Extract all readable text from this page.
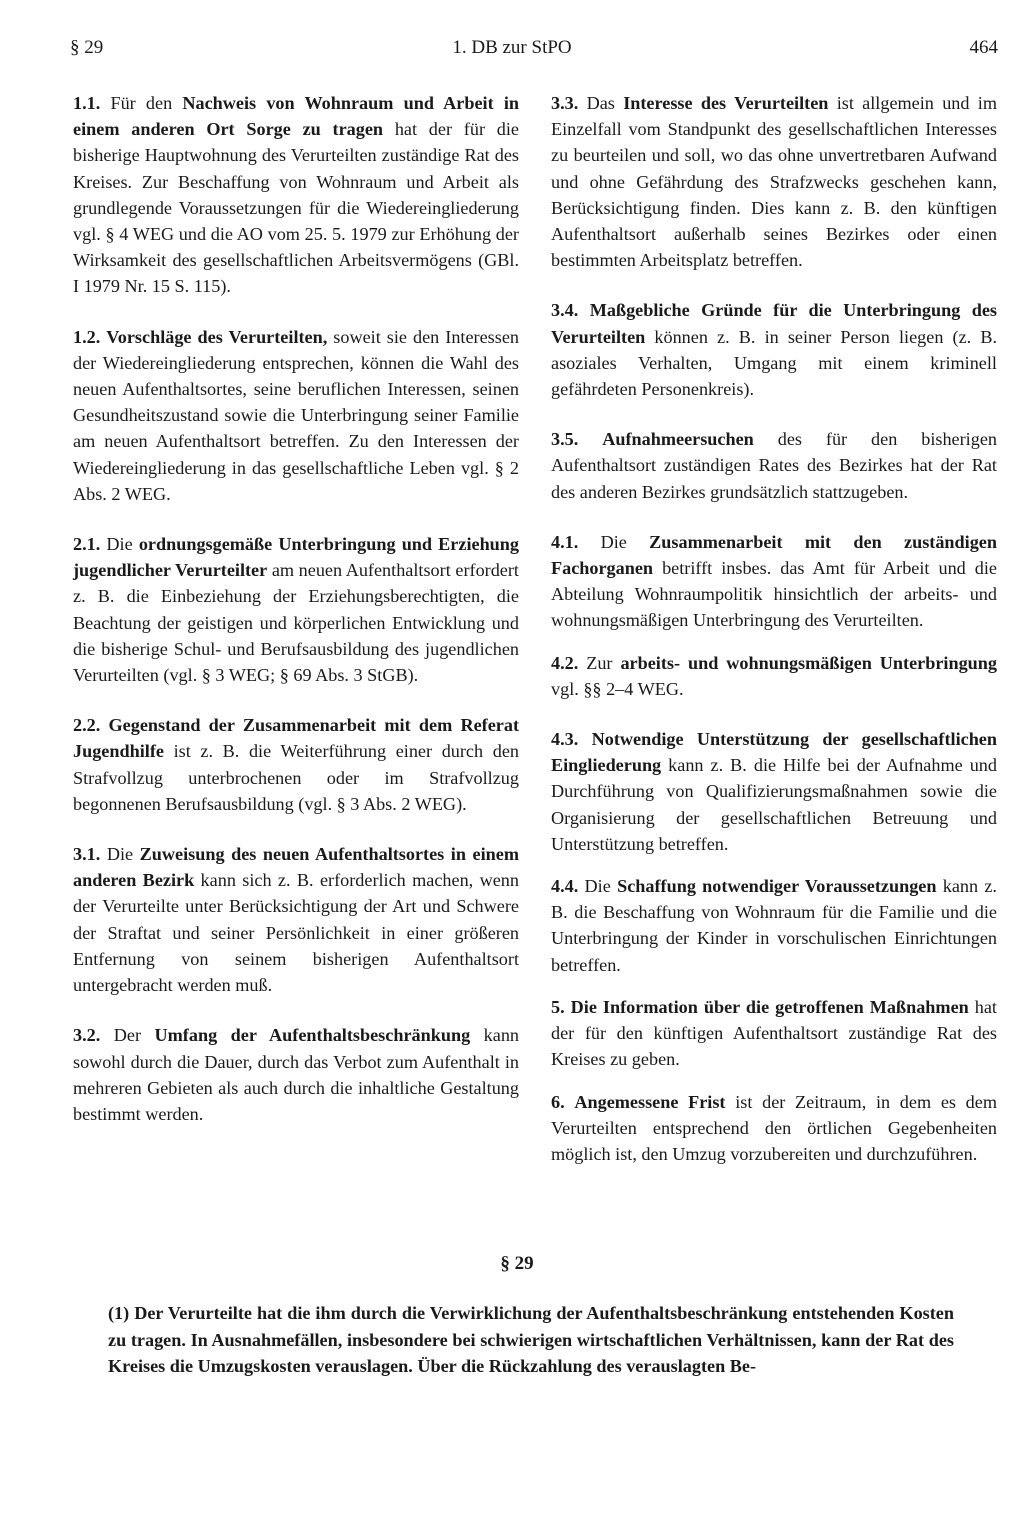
§ 29	1. DB zur StPO	464

1.1. Für den Nachweis von Wohnraum und Arbeit in einem anderen Ort Sorge zu tragen hat der für die bisherige Hauptwohnung des Verurteilten zuständige Rat des Kreises. Zur Beschaffung von Wohnraum und Arbeit als grundlegende Voraussetzungen für die Wiedereingliederung vgl. § 4 WEG und die AO vom 25. 5. 1979 zur Erhöhung der Wirksamkeit des gesellschaftlichen Arbeitsvermögens (GBl. I 1979 Nr. 15 S. 115).

1.2. Vorschläge des Verurteilten, soweit sie den Interessen der Wiedereingliederung entsprechen, können die Wahl des neuen Aufenthaltsortes, seine beruflichen Interessen, seinen Gesundheitszustand sowie die Unterbringung seiner Familie am neuen Aufenthaltsort betreffen. Zu den Interessen der Wiedereingliederung in das gesellschaftliche Leben vgl. § 2 Abs. 2 WEG.

2.1. Die ordnungsgemäße Unterbringung und Erziehung jugendlicher Verurteilter am neuen Aufenthaltsort erfordert z. B. die Einbeziehung der Erziehungsberechtigten, die Beachtung der geistigen und körperlichen Entwicklung und die bisherige Schul- und Berufsausbildung des jugendlichen Verurteilten (vgl. § 3 WEG; § 69 Abs. 3 StGB).

2.2. Gegenstand der Zusammenarbeit mit dem Referat Jugendhilfe ist z. B. die Weiterführung einer durch den Strafvollzug unterbrochenen oder im Strafvollzug begonnenen Berufsausbildung (vgl. § 3 Abs. 2 WEG).

3.1. Die Zuweisung des neuen Aufenthaltsortes in einem anderen Bezirk kann sich z. B. erforderlich machen, wenn der Verurteilte unter Berücksichtigung der Art und Schwere der Straftat und seiner Persönlichkeit in einer größeren Entfernung von seinem bisherigen Aufenthaltsort untergebracht werden muß.

3.2. Der Umfang der Aufenthaltsbeschränkung kann sowohl durch die Dauer, durch das Verbot zum Aufenthalt in mehreren Gebieten als auch durch die inhaltliche Gestaltung bestimmt werden.

3.3. Das Interesse des Verurteilten ist allgemein und im Einzelfall vom Standpunkt des gesellschaftlichen Interesses zu beurteilen und soll, wo das ohne unvertretbaren Aufwand und ohne Gefährdung des Strafzwecks geschehen kann, Berücksichtigung finden. Dies kann z. B. den künftigen Aufenthaltsort außerhalb seines Bezirkes oder einen bestimmten Arbeitsplatz betreffen.

3.4. Maßgebliche Gründe für die Unterbringung des Verurteilten können z. B. in seiner Person liegen (z. B. asoziales Verhalten, Umgang mit einem kriminell gefährdeten Personenkreis).

3.5. Aufnahmeersuchen des für den bisherigen Aufenthaltsort zuständigen Rates des Bezirkes hat der Rat des anderen Bezirkes grundsätzlich stattzugeben.

4.1. Die Zusammenarbeit mit den zuständigen Fachorganen betrifft insbes. das Amt für Arbeit und die Abteilung Wohnraumpolitik hinsichtlich der arbeits- und wohnungsmäßigen Unterbringung des Verurteilten.

4.2. Zur arbeits- und wohnungsmäßigen Unterbringung vgl. §§ 2–4 WEG.

4.3. Notwendige Unterstützung der gesellschaftlichen Eingliederung kann z. B. die Hilfe bei der Aufnahme und Durchführung von Qualifizierungsmaßnahmen sowie die Organisierung der gesellschaftlichen Betreuung und Unterstützung betreffen.

4.4. Die Schaffung notwendiger Voraussetzungen kann z. B. die Beschaffung von Wohnraum für die Familie und die Unterbringung der Kinder in vorschulischen Einrichtungen betreffen.

5. Die Information über die getroffenen Maßnahmen hat der für den künftigen Aufenthaltsort zuständige Rat des Kreises zu geben.

6. Angemessene Frist ist der Zeitraum, in dem es dem Verurteilten entsprechend den örtlichen Gegebenheiten möglich ist, den Umzug vorzubereiten und durchzuführen.

§ 29

(1) Der Verurteilte hat die ihm durch die Verwirklichung der Aufenthaltsbeschränkung entstehenden Kosten zu tragen. In Ausnahmefällen, insbesondere bei schwierigen wirtschaftlichen Verhältnissen, kann der Rat des Kreises die Umzugskosten verauslagen. Über die Rückzahlung des verauslagten Be-
